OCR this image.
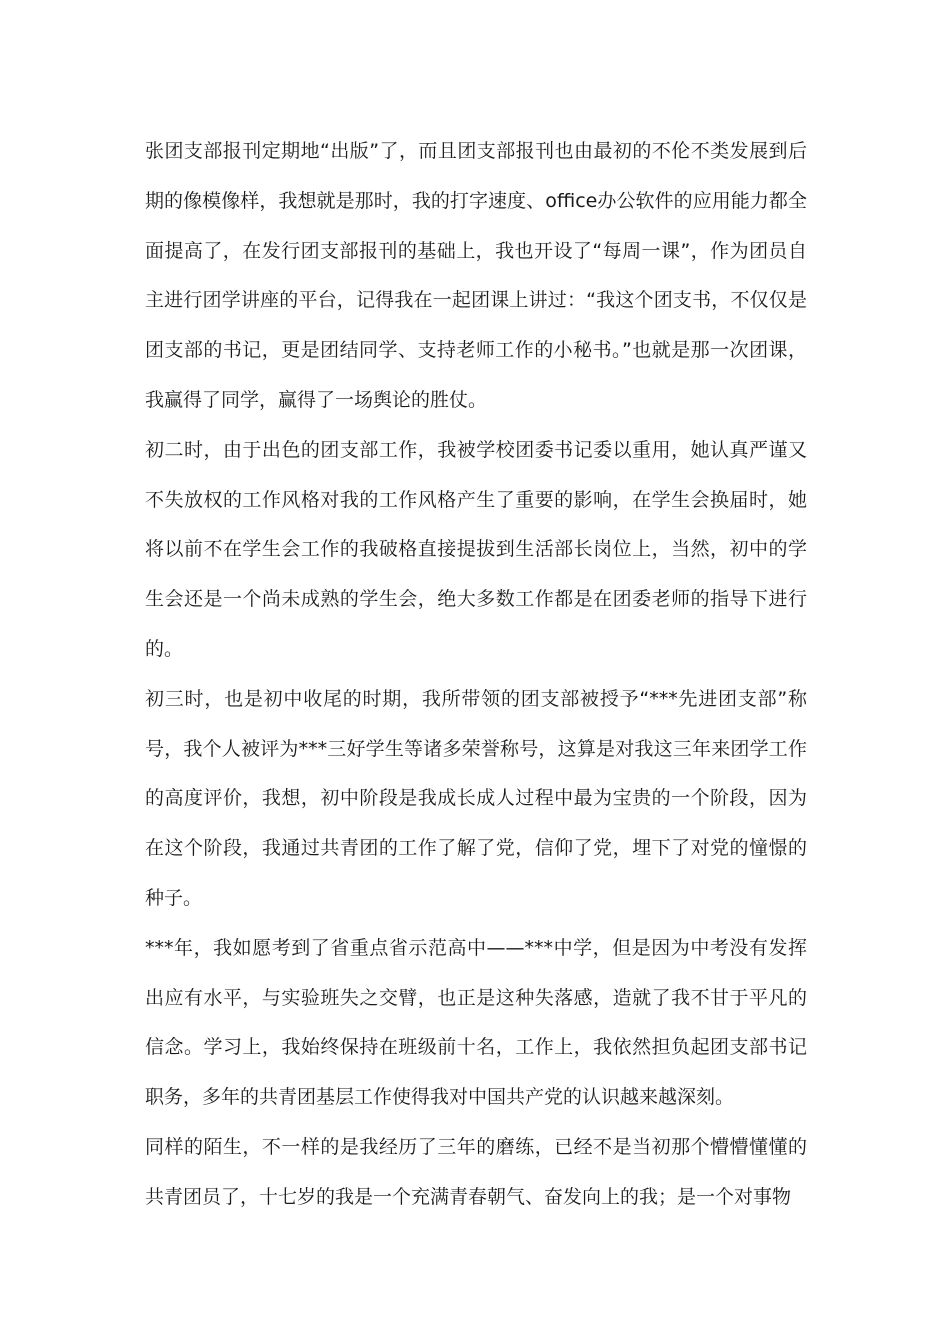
张团支部报刊定期地“出版”了，而且团支部报刊也由最初的不伦不类发展到后期的像模像样，我想就是那时，我的打字速度、office办公软件的应用能力都全面提高了，在发行团支部报刊的基础上，我也开设了“每周一课”，作为团员自主进行团学讲座的平台，记得我在一起团课上讲过：“我这个团支书，不仅仅是团支部的书记，更是团结同学、支持老师工作的小秘书。”也就是那一次团课，我赢得了同学，赢得了一场舆论的胜仗。

初二时，由于出色的团支部工作，我被学校团委书记委以重用，她认真严谨又不失放权的工作风格对我的工作风格产生了重要的影响，在学生会换届时，她将以前不在学生会工作的我破格直接提拔到生活部长岗位上，当然，初中的学生会还是一个尚未成熟的学生会，绝大多数工作都是在团委老师的指导下进行的。

初三时，也是初中收尾的时期，我所带领的团支部被授予“***先进团支部”称号，我个人被评为***三好学生等诸多荣誉称号，这算是对我这三年来团学工作的高度评价，我想，初中阶段是我成长成人过程中最为宝贵的一个阶段，因为在这个阶段，我通过共青团的工作了解了党，信仰了党，埋下了对党的憧憬的种子。

***年，我如愿考到了省重点省示范高中——***中学，但是因为中考没有发挥出应有水平，与实验班失之交臂，也正是这种失落感，造就了我不甘于平凡的信念。学习上，我始终保持在班级前十名，工作上，我依然担负起团支部书记职务，多年的共青团基层工作使得我对中国共产党的认识越来越深刻。

同样的陌生，不一样的是我经历了三年的磨练，已经不是当初那个懵懵懂懂的共青团员了，十七岁的我是一个充满青春朝气、奋发向上的我；是一个对事物
